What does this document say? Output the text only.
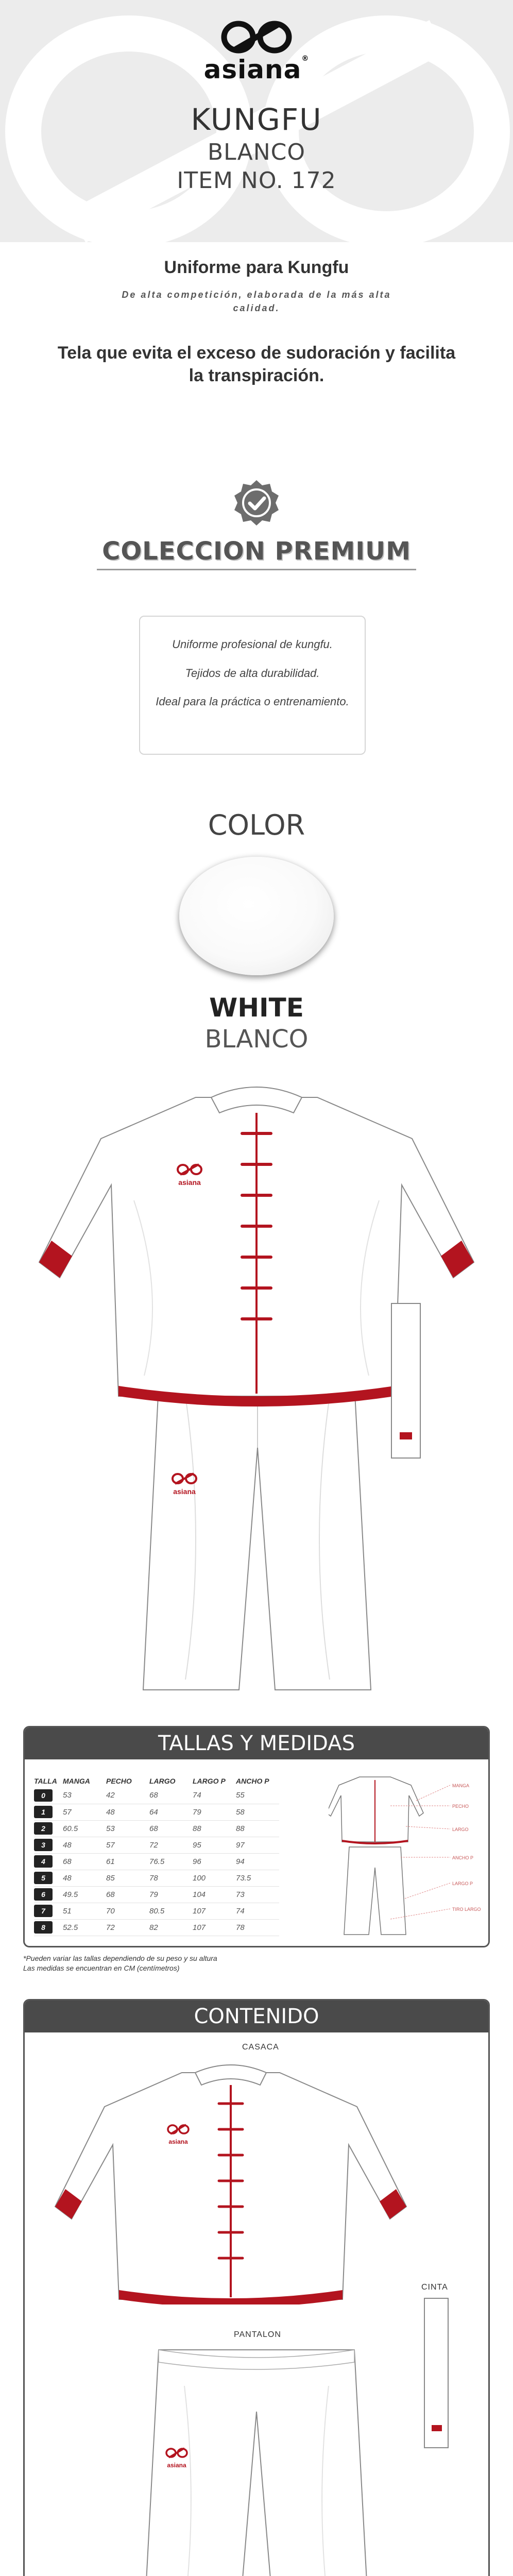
asiana®
KUNGFU
BLANCO
ITEM NO. 172
Uniforme para Kungfu
De alta competición, elaborada de la más alta calidad.
Tela que evita el exceso de sudoración y facilita la transpiración.
COLECCION PREMIUM
Uniforme profesional de kungfu.
Tejidos de alta durabilidad.
Ideal para la práctica o entrenamiento.
COLOR
WHITE
BLANCO
asiana
asiana
TALLAS Y MEDIDAS
TALLA	MANGA	PECHO	LARGO	LARGO P	ANCHO P
0	53	42	68	74	55
1	57	48	64	79	58
2	60.5	53	68	88	88
3	48	57	72	95	97
4	68	61	76.5	96	94
5	48	85	78	100	73.5
6	49.5	68	79	104	73
7	51	70	80.5	107	74
8	52.5	72	82	107	78
MANGA
PECHO
LARGO
ANCHO P
LARGO P
TIRO LARGO
*Pueden variar las tallas dependiendo de su peso y su altura
Las medidas se encuentran en CM (centímetros)
CONTENIDO
CASACA
asiana
CINTA
PANTALON
asiana
